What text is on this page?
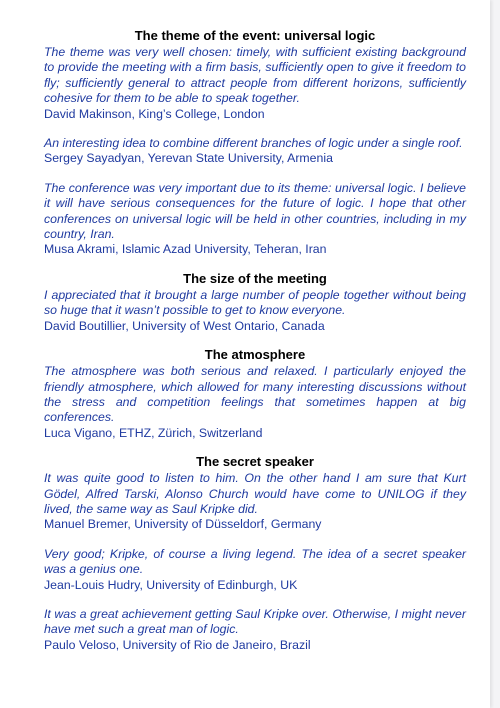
The theme of the event: universal logic

The theme was very well chosen: timely, with sufficient existing background to provide the meeting with a firm basis, sufficiently open to give it freedom to fly; sufficiently general to attract people from different horizons, sufficiently cohesive for them to be able to speak together.

David Makinson, King’s College, London

An interesting idea to combine different branches of logic under a single roof.  Sergey Sayadyan, Yerevan State University, Armenia

The conference was very important due to its theme: universal logic. I believe it will have serious consequences for the future of logic. I hope that other conferences on universal logic will be held in other countries, including in my country, Iran.

Musa Akrami, Islamic Azad University, Teheran, Iran

The size of the meeting

I appreciated that it brought a large number of people together without being so huge that it wasn’t possible to get to know everyone.

David Boutillier, University of West Ontario, Canada

The atmosphere

The atmosphere was both serious and relaxed. I particularly enjoyed the friendly atmosphere, which allowed for many interesting discussions without the stress and competition feelings that sometimes happen at big conferences.

Luca Vigano, ETHZ, Zürich, Switzerland

The secret speaker

It was quite good to listen to him. On the other hand I am sure that Kurt Gödel, Alfred Tarski, Alonso Church would have come to UNILOG if they lived, the same way as Saul Kripke did.

Manuel Bremer, University of Düsseldorf, Germany

Very good; Kripke, of course a living legend. The idea of a secret speaker was a genius one.

Jean-Louis Hudry, University of Edinburgh, UK

It was a great achievement getting Saul Kripke over. Otherwise, I might never have met such a great man of logic.

Paulo Veloso, University of Rio de Janeiro, Brazil
